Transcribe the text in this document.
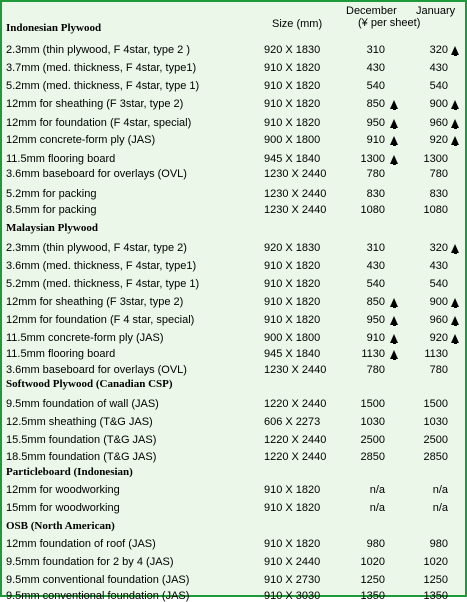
December January
(¥ per sheet)
Size (mm)
Indonesian Plywood
2.3mm (thin plywood, F 4star, type 2 )	920 X 1830	310	320
3.7mm (med. thickness, F 4star, type1)	910 X 1820	430	430
5.2mm (med. thickness, F 4star, type 1)	910 X 1820	540	540
12mm for sheathing (F 3star, type 2)	910 X 1820	850	900
12mm for foundation (F 4star, special)	910 X 1820	950	960
12mm concrete-form ply (JAS)	900 X 1800	910	920
11.5mm flooring board	945 X 1840	1300	1300
3.6mm baseboard for overlays (OVL)	1230 X 2440	780	780
5.2mm for packing	1230 X 2440	830	830
8.5mm for packing	1230 X 2440	1080	1080
Malaysian Plywood
2.3mm (thin plywood, F 4star, type 2)	920 X 1830	310	320
3.6mm (med. thickness, F 4star, type1)	910 X 1820	430	430
5.2mm (med. thickness, F 4star, type 1)	910 X 1820	540	540
12mm for sheathing (F 3star, type 2)	910 X 1820	850	900
12mm for foundation (F 4 star, special)	910 X 1820	950	960
11.5mm concrete-form ply (JAS)	900 X 1800	910	920
11.5mm flooring board	945 X 1840	1130	1130
3.6mm baseboard for overlays (OVL)	1230 X 2440	780	780
Softwood Plywood (Canadian CSP)
9.5mm foundation of wall (JAS)	1220 X 2440	1500	1500
12.5mm sheathing (T&G JAS)	606 X 2273	1030	1030
15.5mm foundation (T&G JAS)	1220 X 2440	2500	2500
18.5mm foundation (T&G JAS)	1220 X 2440	2850	2850
Particleboard (Indonesian)
12mm for woodworking	910 X 1820	n/a	n/a
15mm for woodworking	910 X 1820	n/a	n/a
OSB (North American)
12mm foundation of roof (JAS)	910 X 1820	980	980
9.5mm foundation for 2 by 4 (JAS)	910 X 2440	1020	1020
9.5mm conventional foundation (JAS)	910 X 2730	1250	1250
9.5mm conventional foundation (JAS)	910 X 3030	1350	1350
